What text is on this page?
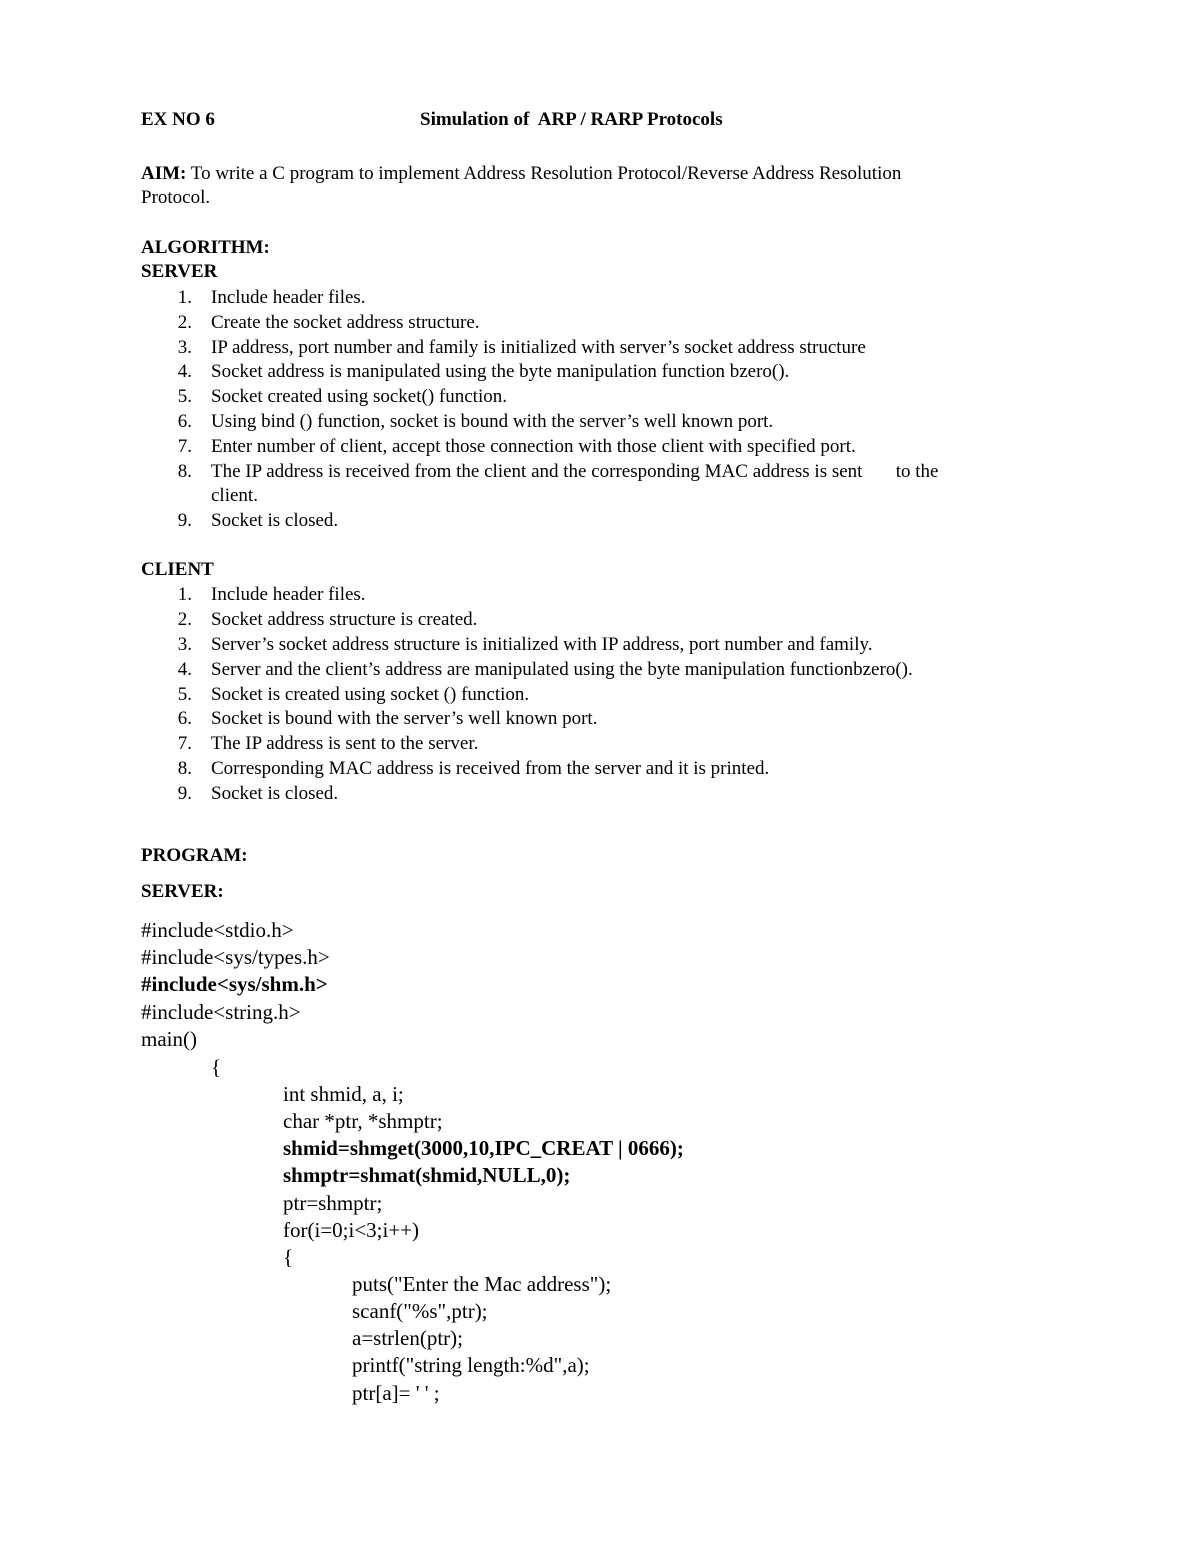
EX NO 6	Simulation of  ARP / RARP Protocols
AIM: To write a C program to implement Address Resolution Protocol/Reverse Address Resolution
Protocol.
ALGORITHM:
SERVER
1. Include header files.
2. Create the socket address structure.
3. IP address, port number and family is initialized with server’s socket address structure
4. Socket address is manipulated using the byte manipulation function bzero().
5. Socket created using socket() function.
6. Using bind () function, socket is bound with the server’s well known port.
7. Enter number of client, accept those connection with those client with specified port.
8. The IP address is received from the client and the corresponding MAC address is sent       to the
client.
9. Socket is closed.
CLIENT
1. Include header files.
2. Socket address structure is created.
3. Server’s socket address structure is initialized with IP address, port number and family.
4. Server and the client’s address are manipulated using the byte manipulation functionbzero().
5. Socket is created using socket () function.
6. Socket is bound with the server’s well known port.
7. The IP address is sent to the server.
8. Corresponding MAC address is received from the server and it is printed.
9. Socket is closed.
PROGRAM:
SERVER:
#include<stdio.h>
#include<sys/types.h>
#include<sys/shm.h>
#include<string.h>
main()
{
int shmid, a, i;
char *ptr, *shmptr;
shmid=shmget(3000,10,IPC_CREAT | 0666);
shmptr=shmat(shmid,NULL,0);
ptr=shmptr;
for(i=0;i<3;i++)
{
puts("Enter the Mac address");
scanf("%s",ptr);
a=strlen(ptr);
printf("string length:%d",a);
ptr[a]= ' ' ;
